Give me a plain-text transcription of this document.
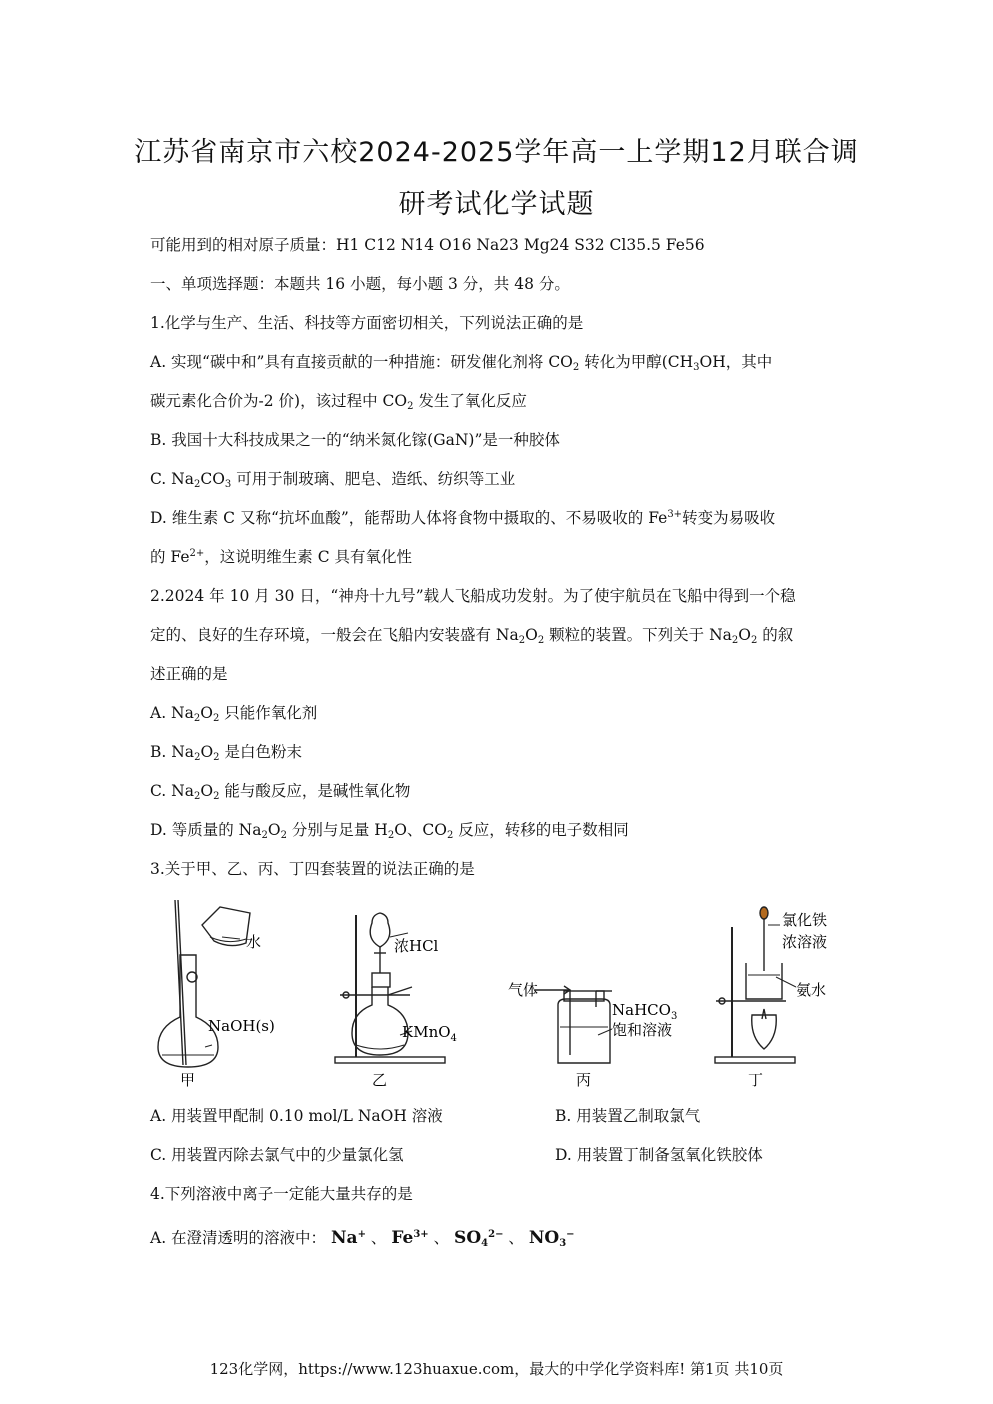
江苏省南京市六校2024-2025学年高一上学期12月联合调
研考试化学试题
可能用到的相对原子质量：H1 C12 N14 O16 Na23 Mg24 S32 Cl35.5 Fe56
一、单项选择题：本题共 16 小题，每小题 3 分，共 48 分。
1.化学与生产、生活、科技等方面密切相关，下列说法正确的是
A. 实现“碳中和”具有直接贡献的一种措施：研发催化剂将 $CO_2$ 转化为甲醇($CH_3OH$，其中
碳元素化合价为-2 价)，该过程中 $CO_2$ 发生了氧化反应
B. 我国十大科技成果之一的“纳米氮化镓(GaN)”是一种胶体
C. $Na_2CO_3$ 可用于制玻璃、肥皂、造纸、纺织等工业
D. 维生素 C 又称“抗坏血酸”，能帮助人体将食物中摄取的、不易吸收的 $Fe^{3+}$转变为易吸收
的 $Fe^{2+}$，这说明维生素 C 具有氧化性
2.2024 年 10 月 30 日，“神舟十九号”载人飞船成功发射。为了使宇航员在飞船中得到一个稳
定的、良好的生存环境，一般会在飞船内安装盛有 $Na_2O_2$ 颗粒的装置。下列关于 $Na_2O_2$ 的叙
述正确的是
A. $Na_2O_2$ 只能作氧化剂
B. $Na_2O_2$ 是白色粉末
C. $Na_2O_2$ 能与酸反应，是碱性氧化物
D. 等质量的 $Na_2O_2$ 分别与足量 $H_2O$、$CO_2$ 反应，转移的电子数相同
3.关于甲、乙、丙、丁四套装置的说法正确的是
水
NaOH(s)
浓HCl
KMnO$_4$
气体
NaHCO$_3$
饱和溶液
氯化铁
浓溶液
氨水
甲	乙	丙	丁
A. 用装置甲配制 0.10 mol/L NaOH 溶液	B. 用装置乙制取氯气
C. 用装置丙除去氯气中的少量氯化氢	D. 用装置丁制备氢氧化铁胶体
4.下列溶液中离子一定能大量共存的是
A. 在澄清透明的溶液中： Na+ 、 $Fe^{3+}$ 、 $SO_4^{2-}$ 、 $NO_3^-$
123化学网，https://www.123huaxue.com，最大的中学化学资料库! 第1页 共10页
